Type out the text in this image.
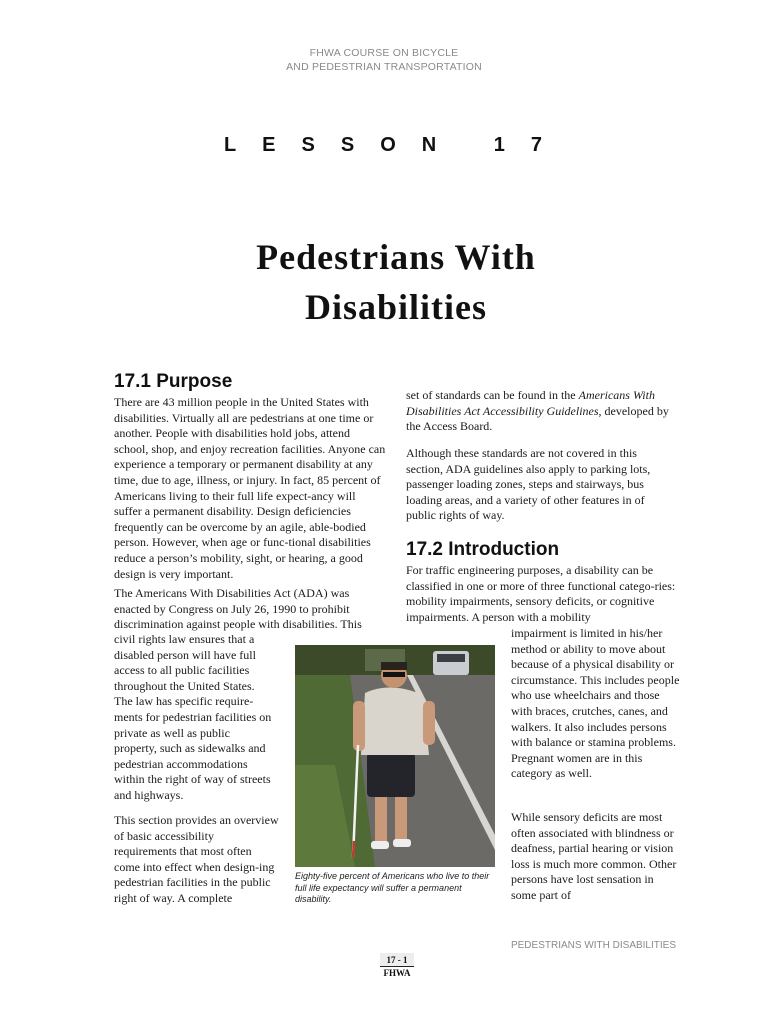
FHWA COURSE ON BICYCLE
AND PEDESTRIAN TRANSPORTATION
LESSON 17
Pedestrians With
Disabilities
17.1 Purpose

There are 43 million people in the United States with disabilities. Virtually all are pedestrians at one time or another. People with disabilities hold jobs, attend school, shop, and enjoy recreation facilities. Anyone can experience a temporary or permanent disability at any time, due to age, illness, or injury. In fact, 85 percent of Americans living to their full life expect-ancy will suffer a permanent disability. Design deficiencies frequently can be overcome by an agile, able-bodied person. However, when age or func-tional disabilities reduce a person’s mobility, sight, or hearing, a good design is very important.

The Americans With Disabilities Act (ADA) was enacted by Congress on July 26, 1990 to prohibit discrimination against people with disabilities. This

civil rights law ensures that a disabled person will have full access to all public facilities throughout the United States. The law has specific require-ments for pedestrian facilities on private as well as public property, such as sidewalks and pedestrian accommodations within the right of way of streets and highways.

This section provides an overview of basic accessibility requirements that most often come into effect when design-ing pedestrian facilities in the public right of way. A complete

set of standards can be found in the Americans With Disabilities Act Accessibility Guidelines, developed by the Access Board.

Although these standards are not covered in this section, ADA guidelines also apply to parking lots, passenger loading zones, steps and stairways, bus loading areas, and a variety of other features in of public rights of way.

17.2 Introduction

For traffic engineering purposes, a disability can be classified in one or more of three functional catego-ries: mobility impairments, sensory deficits, or cognitive impairments. A person with a mobility

impairment is limited in his/her method or ability to move about because of a physical disability or circumstance. This includes people who use wheelchairs and those with braces, crutches, canes, and walkers. It also includes persons with balance or stamina problems. Pregnant women are in this category as well.

While sensory deficits are most often associated with blindness or deafness, partial hearing or vision loss is much more common. Other persons have lost sensation in some part of

Eighty-five percent of Americans who live to their full life expectancy will suffer a permanent disability.
PEDESTRIANS WITH DISABILITIES
17 - 1
FHWA
